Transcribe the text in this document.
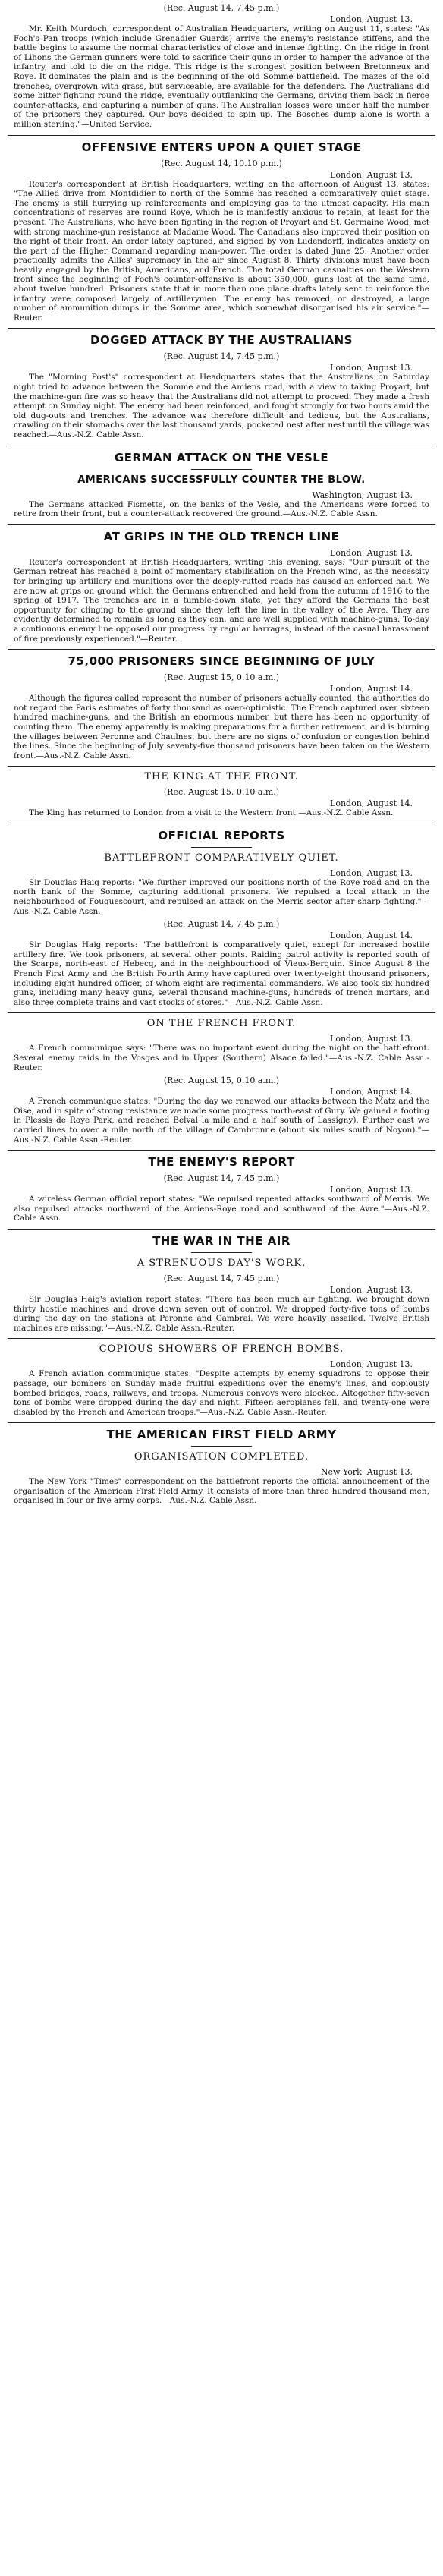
(Rec. August 14, 7.45 p.m.)
London, August 13.
Mr. Keith Murdoch, correspondent of Australian Headquarters, writing on August 11, states: "As Foch's Pan troops (which include Grenadier Guards) arrive the enemy's resistance stiffens, and the battle begins to assume the normal characteristics of close and intense fighting. On the ridge in front of Lihons the German gunners were told to sacrifice their guns in order to hamper the advance of the infantry, and told to die on the ridge. This ridge is the strongest position between Bretonneux and Roye. It dominates the plain and is the beginning of the old Somme battlefield. The mazes of the old trenches, overgrown with grass, but serviceable, are available for the defenders. The Australians did some bitter fighting round the ridge, eventually outflanking the Germans, driving them back in fierce counter-attacks, and capturing a number of guns. The Australian losses were under half the number of the prisoners they captured. Our boys decided to spin up. The Bosches dump alone is worth a million sterling."—United Service.
OFFENSIVE ENTERS UPON A QUIET STAGE
(Rec. August 14, 10.10 p.m.)
London, August 13.
Reuter's correspondent at British Headquarters, writing on the afternoon of August 13, states: "The Allied drive from Montdidier to north of the Somme has reached a comparatively quiet stage. The enemy is still hurrying up reinforcements and employing gas to the utmost capacity. His main concentrations of reserves are round Roye, which he is manifestly anxious to retain, at least for the present. The Australians, who have been fighting in the region of Proyart and St. Germaine Wood, met with strong machine-gun resistance at Madame Wood. The Canadians also improved their position on the right of their front. An order lately captured, and signed by von Ludendorff, indicates anxiety on the part of the Higher Command regarding man-power. The order is dated June 25. Another order practically admits the Allies' supremacy in the air since August 8. Thirty divisions must have been heavily engaged by the British, Americans, and French. The total German casualties on the Western front since the beginning of Foch's counter-offensive is about 350,000; guns lost at the same time, about twelve hundred. Prisoners state that in more than one place drafts lately sent to reinforce the infantry were composed largely of artillerymen. The enemy has removed, or destroyed, a large number of ammunition dumps in the Somme area, which somewhat disorganised his air service."—Reuter.
DOGGED ATTACK BY THE AUSTRALIANS
(Rec. August 14, 7.45 p.m.)
London, August 13.
The "Morning Post's" correspondent at Headquarters states that the Australians on Saturday night tried to advance between the Somme and the Amiens road, with a view to taking Proyart, but the machine-gun fire was so heavy that the Australians did not attempt to proceed. They made a fresh attempt on Sunday night. The enemy had been reinforced, and fought strongly for two hours amid the old dug-outs and trenches. The advance was therefore difficult and tedious, but the Australians, crawling on their stomachs over the last thousand yards, pocketed nest after nest until the village was reached.—Aus.-N.Z. Cable Assn.
GERMAN ATTACK ON THE VESLE
AMERICANS SUCCESSFULLY COUNTER THE BLOW.
Washington, August 13.
The Germans attacked Fismette, on the banks of the Vesle, and the Americans were forced to retire from their front, but a counter-attack recovered the ground.—Aus.-N.Z. Cable Assn.
AT GRIPS IN THE OLD TRENCH LINE
London, August 13.
Reuter's correspondent at British Headquarters, writing this evening, says: "Our pursuit of the German retreat has reached a point of momentary stabilisation on the French wing, as the necessity for bringing up artillery and munitions over the deeply-rutted roads has caused an enforced halt. We are now at grips on ground which the Germans entrenched and held from the autumn of 1916 to the spring of 1917. The trenches are in a tumble-down state, yet they afford the Germans the best opportunity for clinging to the ground since they left the line in the valley of the Avre. They are evidently determined to remain as long as they can, and are well supplied with machine-guns. To-day a continuous enemy line opposed our progress by regular barrages, instead of the casual harassment of fire previously experienced."—Reuter.
75,000 PRISONERS SINCE BEGINNING OF JULY
(Rec. August 15, 0.10 a.m.)
London, August 14.
Although the figures called represent the number of prisoners actually counted, the authorities do not regard the Paris estimates of forty thousand as over-optimistic. The French captured over sixteen hundred machine-guns, and the British an enormous number, but there has been no opportunity of counting them. The enemy apparently is making preparations for a further retirement, and is burning the villages between Peronne and Chaulnes, but there are no signs of confusion or congestion behind the lines. Since the beginning of July seventy-five thousand prisoners have been taken on the Western front.—Aus.-N.Z. Cable Assn.
THE KING AT THE FRONT.
(Rec. August 15, 0.10 a.m.)
London, August 14.
The King has returned to London from a visit to the Western front.—Aus.-N.Z. Cable Assn.
OFFICIAL REPORTS
BATTLEFRONT COMPARATIVELY QUIET.
London, August 13.
Sir Douglas Haig reports: "We further improved our positions north of the Roye road and on the north bank of the Somme, capturing additional prisoners. We repulsed a local attack in the neighbourhood of Fouquescourt, and repulsed an attack on the Merris sector after sharp fighting."—Aus.-N.Z. Cable Assn.
(Rec. August 14, 7.45 p.m.)
London, August 14.
Sir Douglas Haig reports: "The battlefront is comparatively quiet, except for increased hostile artillery fire. We took prisoners, at several other points. Raiding patrol activity is reported south of the Scarpe, north-east of Hebecq, and in the neighbourhood of Vieux-Berquin. Since August 8 the French First Army and the British Fourth Army have captured over twenty-eight thousand prisoners, including eight hundred officer, of whom eight are regimental commanders. We also took six hundred guns, including many heavy guns, several thousand machine-guns, hundreds of trench mortars, and also three complete trains and vast stocks of stores."—Aus.-N.Z. Cable Assn.
ON THE FRENCH FRONT.
London, August 13.
A French communique says: "There was no important event during the night on the battlefront. Several enemy raids in the Vosges and in Upper (Southern) Alsace failed."—Aus.-N.Z. Cable Assn.-Reuter.
(Rec. August 15, 0.10 a.m.)
London, August 14.
A French communique states: "During the day we renewed our attacks between the Matz and the Oise, and in spite of strong resistance we made some progress north-east of Gury. We gained a footing in Plessis de Roye Park, and reached Belval la mile and a half south of Lassigny). Further east we carried lines to over a mile north of the village of Cambronne (about six miles south of Noyon)."—Aus.-N.Z. Cable Assn.-Reuter.
THE ENEMY'S REPORT
(Rec. August 14, 7.45 p.m.)
London, August 13.
A wireless German official report states: "We repulsed repeated attacks southward of Merris. We also repulsed attacks northward of the Amiens-Roye road and southward of the Avre."—Aus.-N.Z. Cable Assn.
THE WAR IN THE AIR
A STRENUOUS DAY'S WORK.
(Rec. August 14, 7.45 p.m.)
London, August 13.
Sir Douglas Haig's aviation report states: "There has been much air fighting. We brought down thirty hostile machines and drove down seven out of control. We dropped forty-five tons of bombs during the day on the stations at Peronne and Cambrai. We were heavily assailed. Twelve British machines are missing."—Aus.-N.Z. Cable Assn.-Reuter.
COPIOUS SHOWERS OF FRENCH BOMBS.
London, August 13.
A French aviation communique states: "Despite attempts by enemy squadrons to oppose their passage, our bombers on Sunday made fruitful expeditions over the enemy's lines, and copiously bombed bridges, roads, railways, and troops. Numerous convoys were blocked. Altogether fifty-seven tons of bombs were dropped during the day and night. Fifteen aeroplanes fell, and twenty-one were disabled by the French and American troops."—Aus.-N.Z. Cable Assn.-Reuter.
THE AMERICAN FIRST FIELD ARMY
ORGANISATION COMPLETED.
New York, August 13.
The New York "Times" correspondent on the battlefront reports the official announcement of the organisation of the American First Field Army. It consists of more than three hundred thousand men, organised in four or five army corps.—Aus.-N.Z. Cable Assn.
